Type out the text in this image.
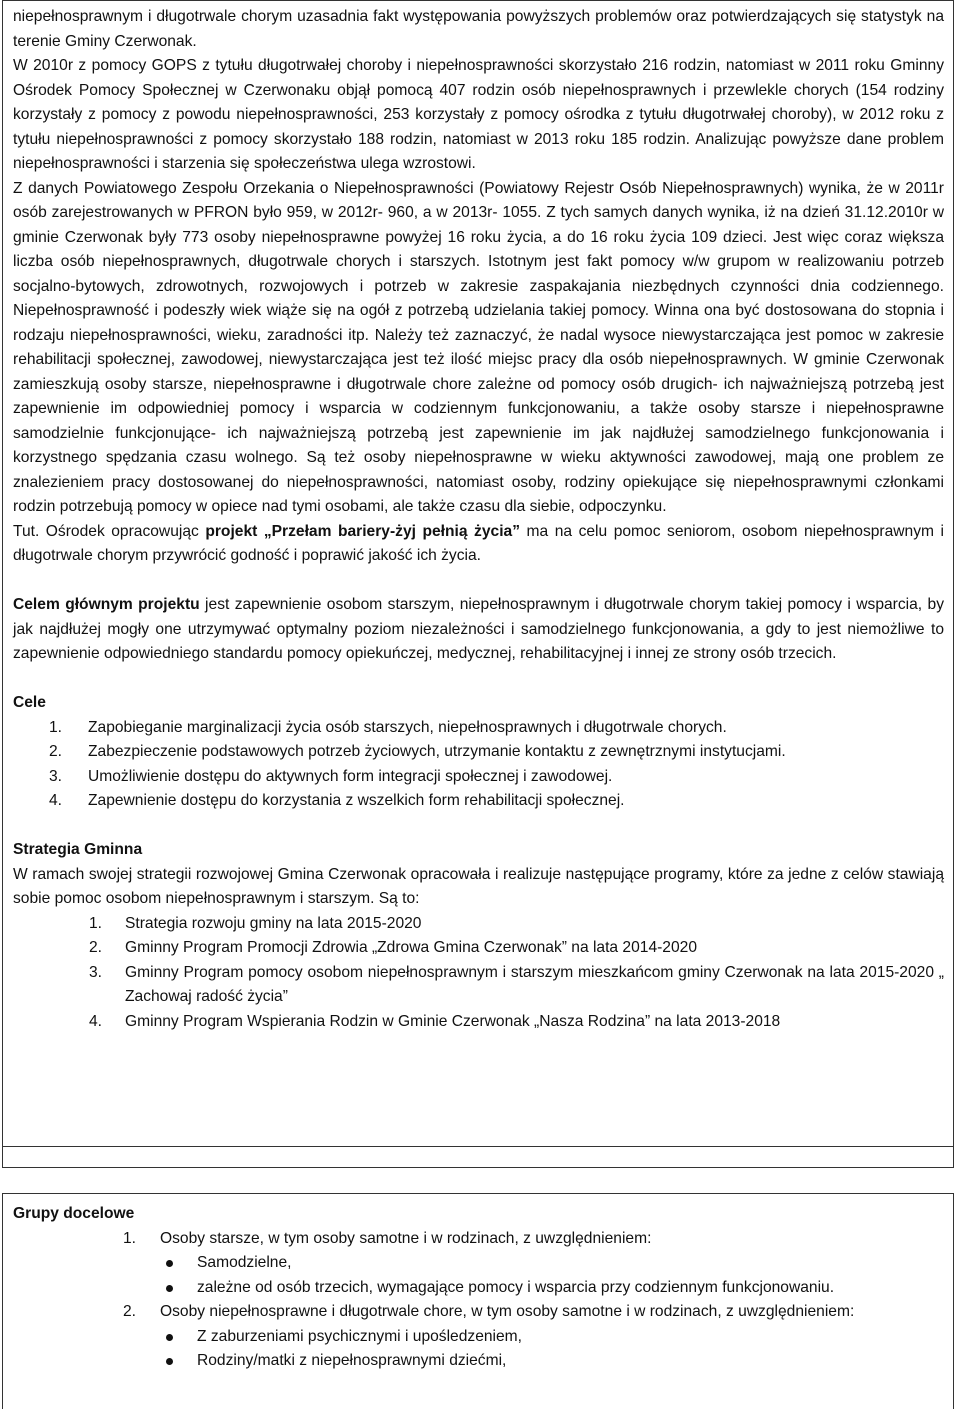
niepełnosprawnym i długotrwale chorym uzasadnia fakt występowania powyższych problemów oraz potwierdzających się statystyk na terenie Gminy Czerwonak.

W 2010r z pomocy GOPS z tytułu długotrwałej choroby i niepełnosprawności skorzystało 216 rodzin, natomiast w 2011 roku Gminny Ośrodek Pomocy Społecznej w Czerwonaku objął pomocą 407 rodzin osób niepełnosprawnych i przewlekle chorych (154 rodziny korzystały z pomocy z powodu niepełnosprawności, 253 korzystały z pomocy ośrodka z tytułu długotrwałej choroby), w 2012 roku z tytułu niepełnosprawności z pomocy skorzystało 188 rodzin, natomiast w 2013 roku 185 rodzin. Analizując powyższe dane problem niepełnosprawności i starzenia się społeczeństwa ulega wzrostowi.

Z danych Powiatowego Zespołu Orzekania o Niepełnosprawności (Powiatowy Rejestr Osób Niepełnosprawnych) wynika, że w 2011r osób zarejestrowanych w PFRON było 959, w 2012r- 960, a w 2013r- 1055. Z tych samych danych wynika, iż na dzień 31.12.2010r w gminie Czerwonak były 773 osoby niepełnosprawne powyżej 16 roku życia, a do 16 roku życia 109 dzieci. Jest więc coraz większa liczba osób niepełnosprawnych, długotrwale chorych i starszych. Istotnym jest fakt pomocy w/w grupom w realizowaniu potrzeb socjalno-bytowych, zdrowotnych, rozwojowych i potrzeb w zakresie zaspakajania niezbędnych czynności dnia codziennego. Niepełnosprawność i podeszły wiek wiąże się na ogół z potrzebą udzielania takiej pomocy. Winna ona być dostosowana do stopnia i rodzaju niepełnosprawności, wieku, zaradności itp. Należy też zaznaczyć, że nadal wysoce niewystarczająca jest pomoc w zakresie rehabilitacji społecznej, zawodowej, niewystarczająca jest też ilość miejsc pracy dla osób niepełnosprawnych. W gminie Czerwonak zamieszkują osoby starsze, niepełnosprawne i długotrwale chore zależne od pomocy osób drugich- ich najważniejszą potrzebą jest zapewnienie im odpowiedniej pomocy i wsparcia w codziennym funkcjonowaniu, a także osoby starsze i niepełnosprawne samodzielnie funkcjonujące- ich najważniejszą potrzebą jest zapewnienie im jak najdłużej samodzielnego funkcjonowania i korzystnego spędzania czasu wolnego. Są też osoby niepełnosprawne w wieku aktywności zawodowej, mają one problem ze znalezieniem pracy dostosowanej do niepełnosprawności, natomiast osoby, rodziny opiekujące się niepełnosprawnymi członkami rodzin potrzebują pomocy w opiece nad tymi osobami, ale także czasu dla siebie, odpoczynku.

Tut. Ośrodek opracowując projekt „Przełam bariery-żyj pełnią życia” ma na celu pomoc seniorom, osobom niepełnosprawnym i długotrwale chorym przywrócić godność i poprawić jakość ich życia.

Celem głównym projektu jest zapewnienie osobom starszym, niepełnosprawnym i długotrwale chorym takiej pomocy i wsparcia, by jak najdłużej mogły one utrzymywać optymalny poziom niezależności i samodzielnego funkcjonowania, a gdy to jest niemożliwe to zapewnienie odpowiedniego standardu pomocy opiekuńczej, medycznej, rehabilitacyjnej i innej ze strony osób trzecich.

Cele

1. Zapobieganie marginalizacji życia osób starszych, niepełnosprawnych i długotrwale chorych.
2. Zabezpieczenie podstawowych potrzeb życiowych, utrzymanie kontaktu z zewnętrznymi instytucjami.
3. Umożliwienie dostępu do aktywnych form integracji społecznej i zawodowej.
4. Zapewnienie dostępu do korzystania z wszelkich form rehabilitacji społecznej.

Strategia Gminna

W ramach swojej strategii rozwojowej Gmina Czerwonak opracowała i realizuje następujące programy, które za jedne z celów stawiają sobie pomoc osobom niepełnosprawnym i starszym. Są to:

1. Strategia rozwoju gminy na lata 2015-2020
2. Gminny Program Promocji Zdrowia „Zdrowa Gmina Czerwonak” na lata 2014-2020
3. Gminny Program pomocy osobom niepełnosprawnym i starszym mieszkańcom gminy Czerwonak na lata 2015-2020 „ Zachowaj radość życia”
4. Gminny Program Wspierania Rodzin w Gminie Czerwonak „Nasza Rodzina” na lata 2013-2018

Grupy docelowe

1. Osoby starsze, w tym osoby samotne i w rodzinach, z uwzględnieniem:
Samodzielne,
zależne od osób trzecich, wymagające pomocy i wsparcia przy codziennym funkcjonowaniu.
2. Osoby niepełnosprawne i długotrwale chore, w tym osoby samotne i w rodzinach, z uwzględnieniem:
Z zaburzeniami psychicznymi i upośledzeniem,
Rodziny/matki z niepełnosprawnymi dziećmi,
